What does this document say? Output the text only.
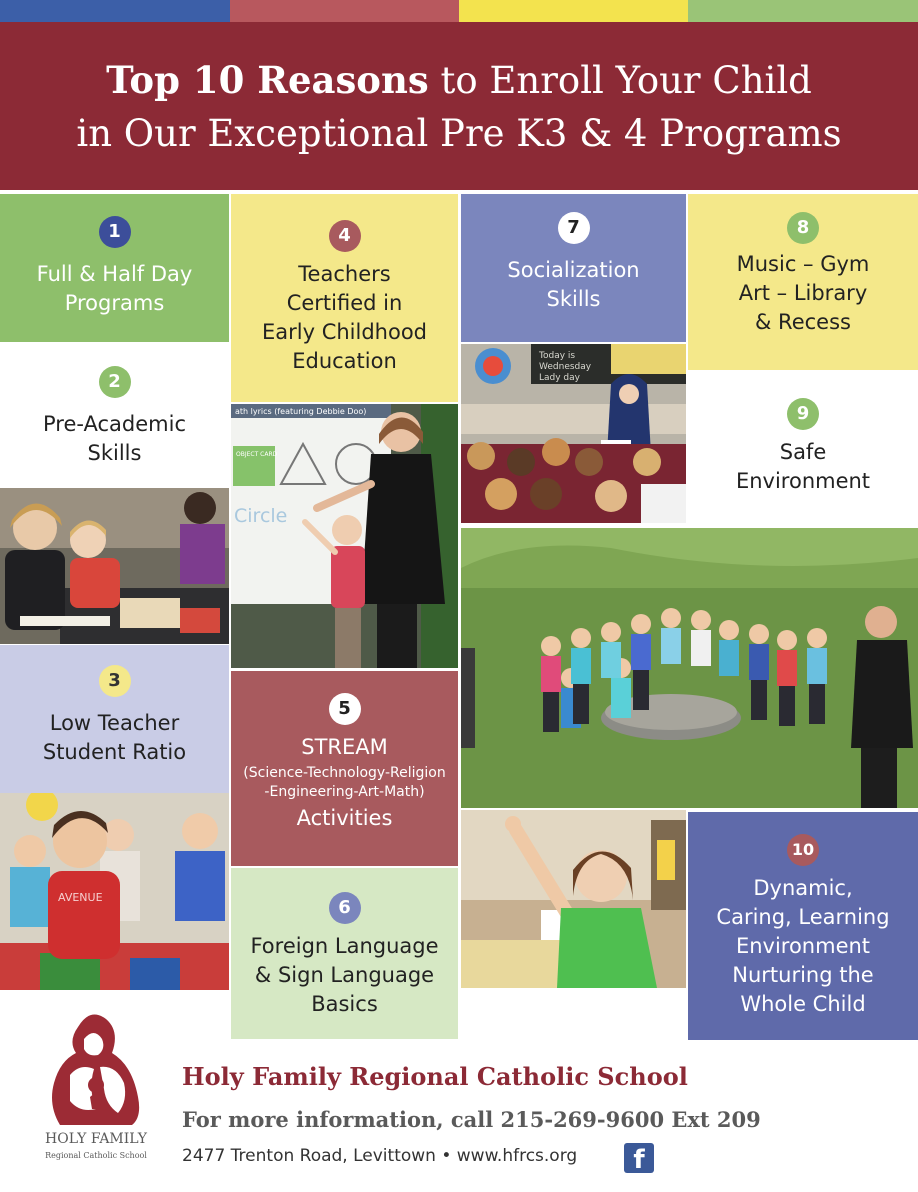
Top 10 Reasons to Enroll Your Child
in Our Exceptional Pre K3 & 4 Programs
1
Full & Half Day
Programs
2
Pre-Academic
Skills
3
Low Teacher
Student Ratio
AVENUE
4
Teachers
Certified in
Early Childhood
Education
ath lyrics (featuring Debbie Doo)
OBJECT CARD
Circle
5
STREAM
(Science-Technology-Religion
-Engineering-Art-Math)
Activities
6
Foreign Language
& Sign Language
Basics
7
Socialization
Skills
Today is
Wednesday
Lady day
8
Music – Gym
Art – Library
& Recess
9
Safe
Environment
10
Dynamic,
Caring, Learning
Environment
Nurturing the
Whole Child
HOLY FAMILY
Regional Catholic School
Holy Family Regional Catholic School
For more information, call 215-269-9600 Ext 209
2477 Trenton Road, Levittown • www.hfrcs.org	f
